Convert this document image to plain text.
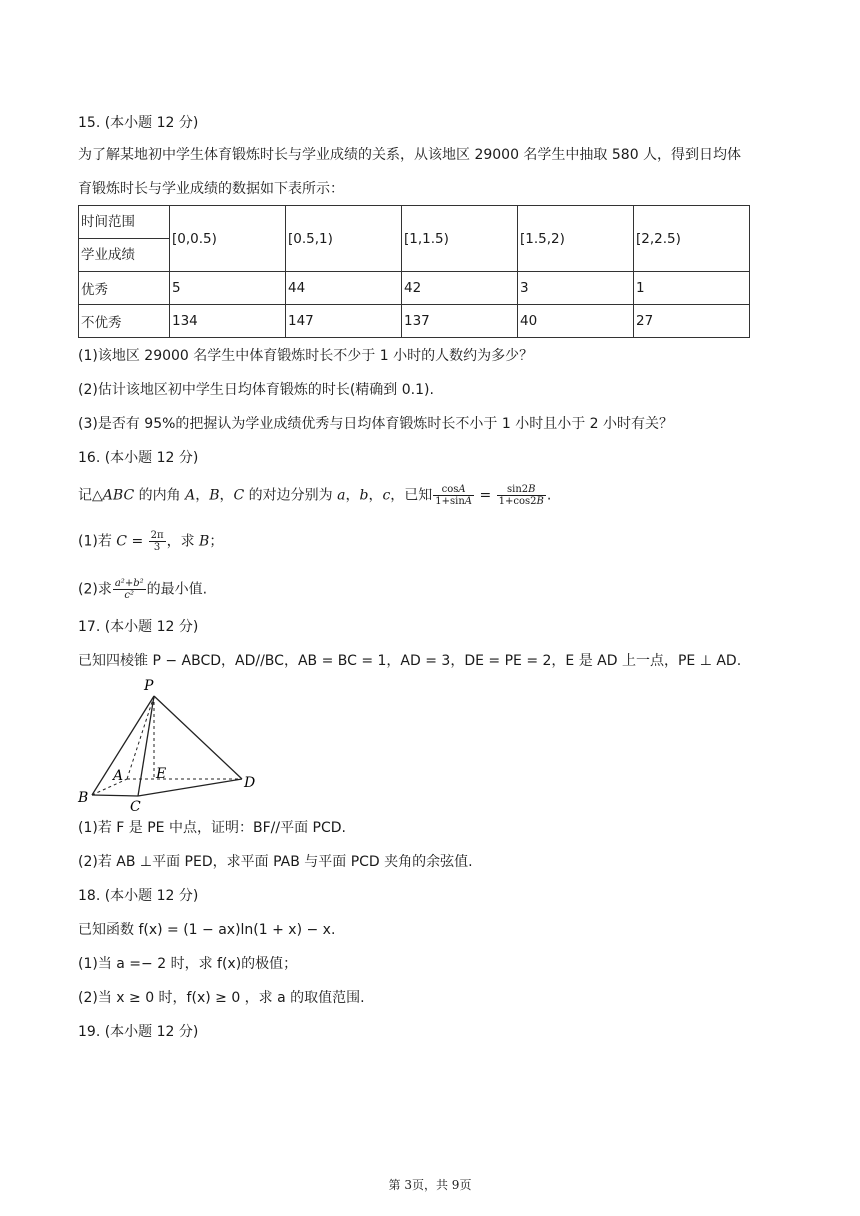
15. (本小题 12 分)
为了解某地初中学生体育锻炼时长与学业成绩的关系，从该地区 29000 名学生中抽取 580 人，得到日均体
育锻炼时长与学业成绩的数据如下表所示：
时间范围
学业成绩	[0,0.5)	[0.5,1)	[1,1.5)	[1.5,2)	[2,2.5)
优秀	5	44	42	3	1
不优秀	134	147	137	40	27
(1)该地区 29000 名学生中体育锻炼时长不少于 1 小时的人数约为多少？
(2)估计该地区初中学生日均体育锻炼的时长(精确到 0.1).
(3)是否有 95%的把握认为学业成绩优秀与日均体育锻炼时长不小于 1 小时且小于 2 小时有关？
16. (本小题 12 分)
记△ABC 的内角 A，B，C 的对边分别为 a，b，c，已知 $\frac{\text{cos𝐴}}{\text{1+sin𝐴}} = \frac{\text{sin2𝐵}}{\text{1+cos2𝐵}}$ .
(1)若 $C = \frac{2\pi}{3}$ ，求 B；
(2)求 $\frac{\text{a²+b²}}{\text{c²}}$ 的最小值.
17. (本小题 12 分)
已知四棱锥 P − ABCD，AD//BC，AB = BC = 1，AD = 3，DE = PE = 2，E 是 AD 上一点，PE ⊥ AD.
P
A E
B
C
D
(1)若 F 是 PE 中点，证明：BF//平面 PCD.
(2)若 AB ⊥平面 PED，求平面 PAB 与平面 PCD 夹角的余弦值.
18. (本小题 12 分)
已知函数 f(x) = (1 − ax)ln(1 + x) − x.
(1)当 a =− 2 时，求 f(x)的极值；
(2)当 x ≥ 0 时，f(x) ≥ 0 ，求 a 的取值范围.
19. (本小题 12 分)
第 3页，共 9页
